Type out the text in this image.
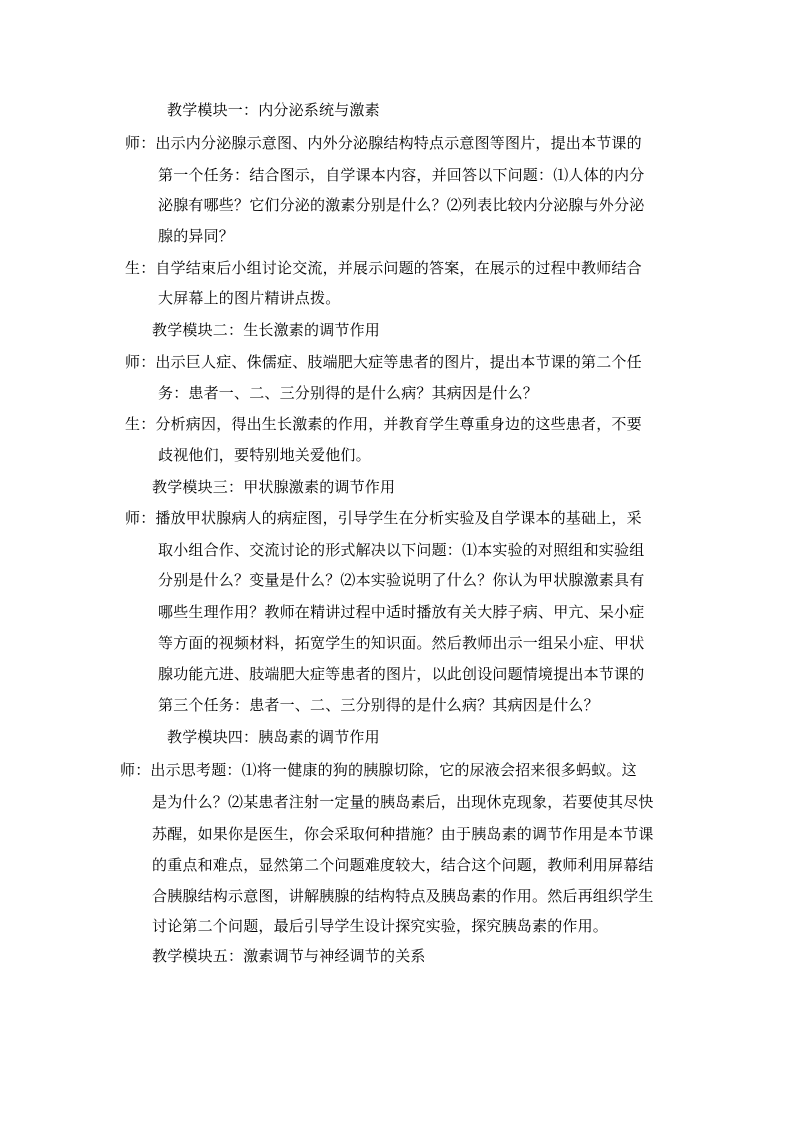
教学模块一：内分泌系统与激素
师：出示内分泌腺示意图、内外分泌腺结构特点示意图等图片，提出本节课的
第一个任务：结合图示，自学课本内容，并回答以下问题：⑴人体的内分
泌腺有哪些？它们分泌的激素分别是什么？⑵列表比较内分泌腺与外分泌
腺的异同？
生：自学结束后小组讨论交流，并展示问题的答案，在展示的过程中教师结合
大屏幕上的图片精讲点拨。
教学模块二：生长激素的调节作用
师：出示巨人症、侏儒症、肢端肥大症等患者的图片，提出本节课的第二个任
务：患者一、二、三分别得的是什么病？其病因是什么？
生：分析病因，得出生长激素的作用，并教育学生尊重身边的这些患者，不要
歧视他们，要特别地关爱他们。
教学模块三：甲状腺激素的调节作用
师：播放甲状腺病人的病症图，引导学生在分析实验及自学课本的基础上，采
取小组合作、交流讨论的形式解决以下问题：⑴本实验的对照组和实验组
分别是什么？变量是什么？⑵本实验说明了什么？你认为甲状腺激素具有
哪些生理作用？教师在精讲过程中适时播放有关大脖子病、甲亢、呆小症
等方面的视频材料，拓宽学生的知识面。然后教师出示一组呆小症、甲状
腺功能亢进、肢端肥大症等患者的图片，以此创设问题情境提出本节课的
第三个任务：患者一、二、三分别得的是什么病？其病因是什么？
教学模块四：胰岛素的调节作用
师：出示思考题：⑴将一健康的狗的胰腺切除，它的尿液会招来很多蚂蚁。这
是为什么？⑵某患者注射一定量的胰岛素后，出现休克现象，若要使其尽快
苏醒，如果你是医生，你会采取何种措施？由于胰岛素的调节作用是本节课
的重点和难点，显然第二个问题难度较大，结合这个问题，教师利用屏幕结
合胰腺结构示意图，讲解胰腺的结构特点及胰岛素的作用。然后再组织学生
讨论第二个问题，最后引导学生设计探究实验，探究胰岛素的作用。
教学模块五：激素调节与神经调节的关系
